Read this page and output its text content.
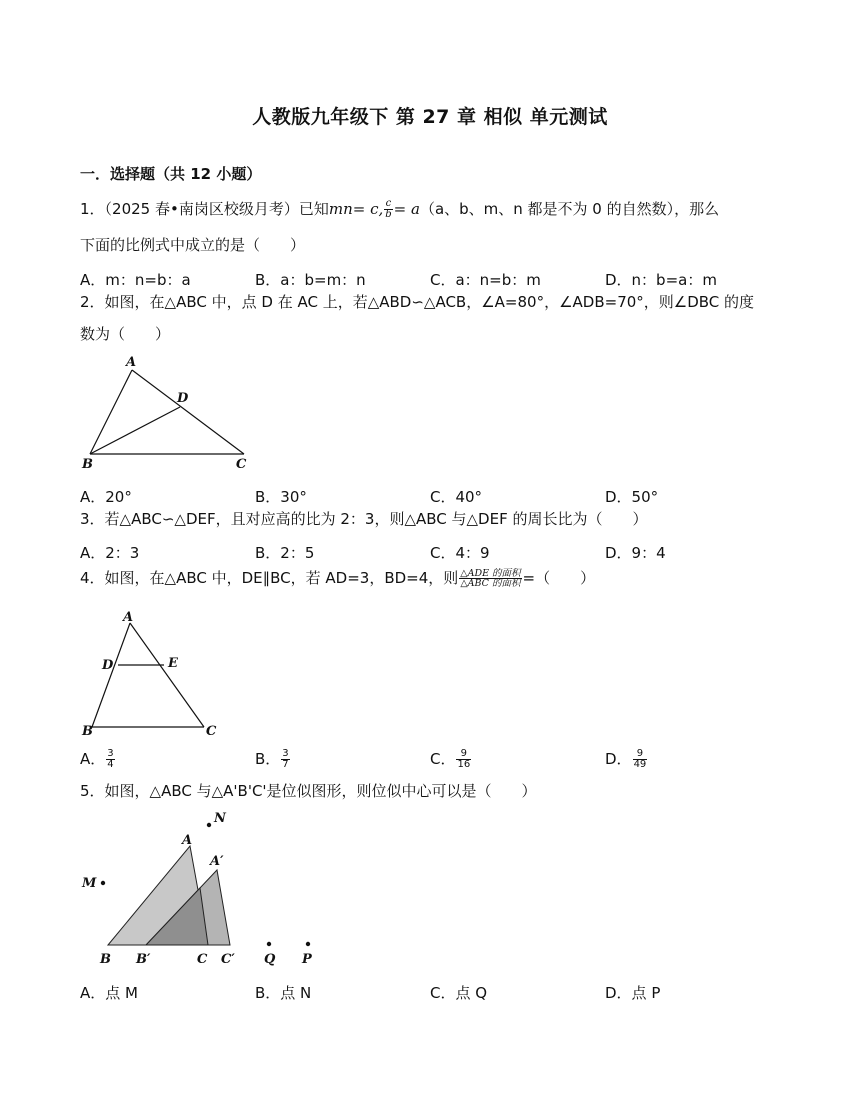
人教版九年级下 第 27 章 相似 单元测试
一．选择题（共 12 小题）
1．（2025 春•南岗区校级月考）已知mn= c, $\frac{c}{b} = a(a$、b、m、n 都是不为 0 的自然数），那么
下面的比例式中成立的是（　　）
A．m：n=b：a	B．a：b=m：n	C．a：n=b：m	D．n：b=a：m
2．如图，在△ABC 中，点 D 在 AC 上，若△ABD∽△ACB，∠A=80°，∠ADB=70°，则∠DBC 的度
数为（　　）
A
D
B	C
A．20°	B．30°	C．40°	D．50°
3．若△ABC∽△DEF，且对应高的比为 2：3，则△ABC 与△DEF 的周长比为（　　）
A．2：3	B．2：5	C．4：9	D．9：4
4．如图，在△ABC 中，DE∥BC，若 AD=3，BD=4，则 $\frac{\text{△ADE 的面积}}{\text{△ABC 的面积}}$ =（　　）
A
D	E
B	C
A． $\frac{3}{4}$	B． $\frac{3}{7}$	C． $\frac{9}{16}$	D． $\frac{9}{49}$
5．如图，△ABC 与△A'B'C'是位似图形，则位似中心可以是（　　）
N
M
A
A′
B B′	C C′ Q P
A．点 M	B．点 N	C．点 Q	D．点 P
